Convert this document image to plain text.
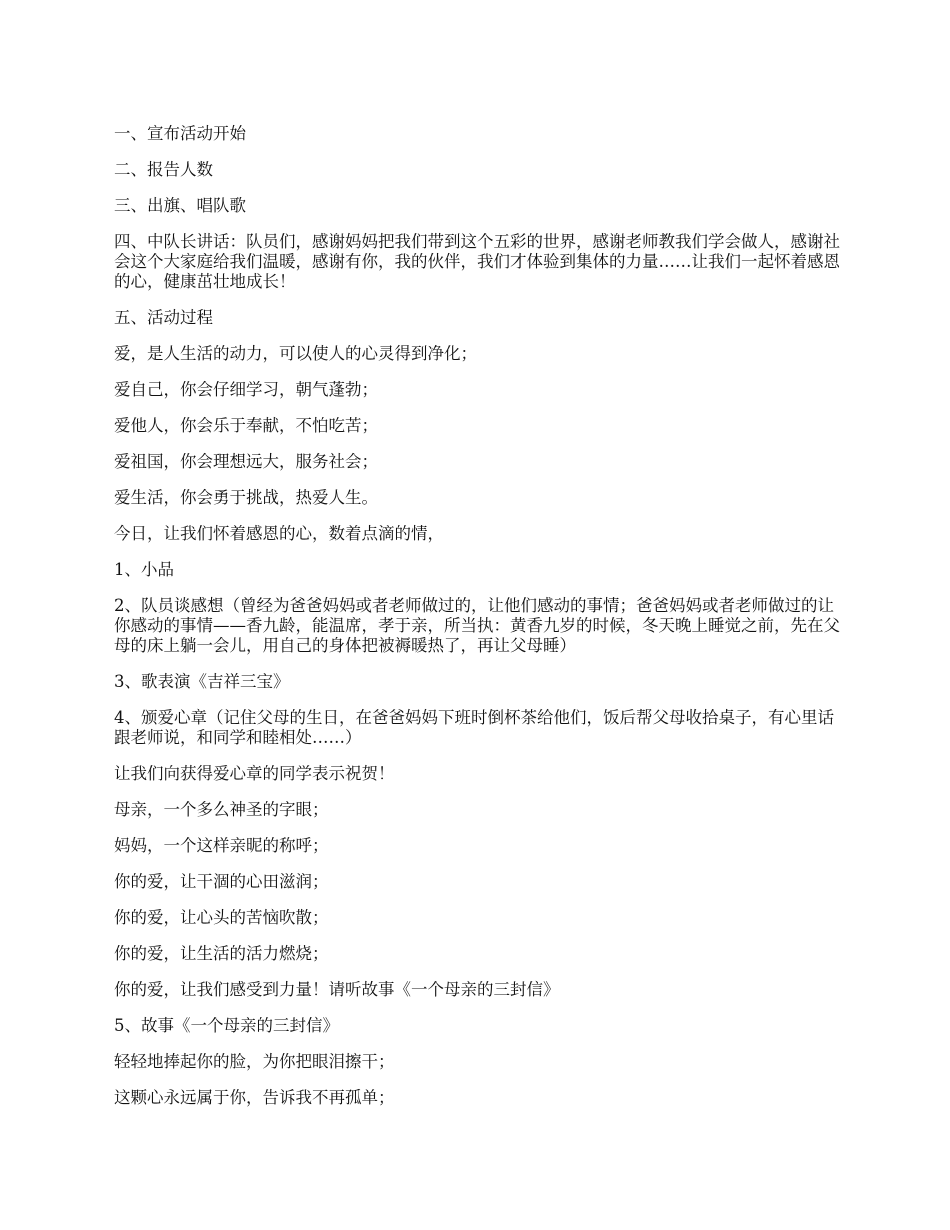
一、宣布活动开始

二、报告人数

三、出旗、唱队歌

四、中队长讲话：队员们，感谢妈妈把我们带到这个五彩的世界，感谢老师教我们学会做人，感谢社会这个大家庭给我们温暖，感谢有你，我的伙伴，我们才体验到集体的力量……让我们一起怀着感恩的心，健康茁壮地成长！

五、活动过程

爱，是人生活的动力，可以使人的心灵得到净化；

爱自己，你会仔细学习，朝气蓬勃；

爱他人，你会乐于奉献，不怕吃苦；

爱祖国，你会理想远大，服务社会；

爱生活，你会勇于挑战，热爱人生。

今日，让我们怀着感恩的心，数着点滴的情，

1、小品

2、队员谈感想（曾经为爸爸妈妈或者老师做过的，让他们感动的事情；爸爸妈妈或者老师做过的让你感动的事情——香九龄，能温席，孝于亲，所当执：黄香九岁的时候，冬天晚上睡觉之前，先在父母的床上躺一会儿，用自己的身体把被褥暖热了，再让父母睡）

3、歌表演《吉祥三宝》

4、颁爱心章（记住父母的生日，在爸爸妈妈下班时倒杯茶给他们，饭后帮父母收拾桌子，有心里话跟老师说，和同学和睦相处……）

让我们向获得爱心章的同学表示祝贺！

母亲，一个多么神圣的字眼；

妈妈，一个这样亲昵的称呼；

你的爱，让干涸的心田滋润；

你的爱，让心头的苦恼吹散；

你的爱，让生活的活力燃烧；

你的爱，让我们感受到力量！请听故事《一个母亲的三封信》

5、故事《一个母亲的三封信》

轻轻地捧起你的脸，为你把眼泪擦干；

这颗心永远属于你，告诉我不再孤单；
